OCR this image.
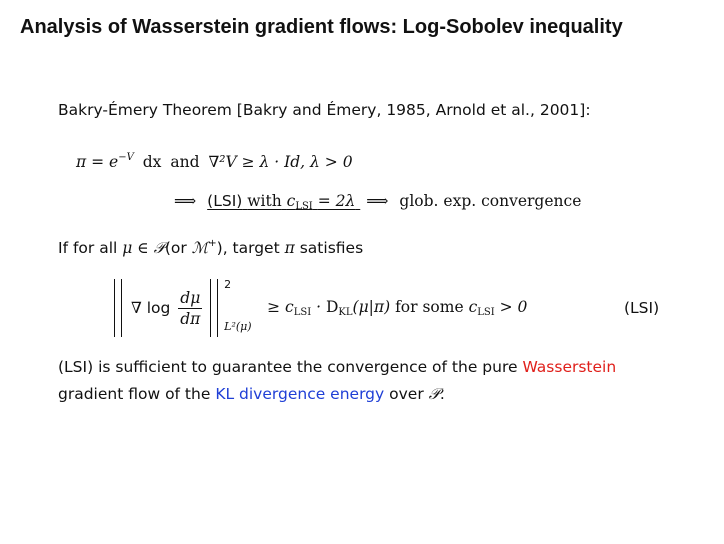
Analysis of Wasserstein gradient flows: Log-Sobolev inequality
Bakry-Émery Theorem [Bakry and Émery, 1985, Arnold et al., 2001]:
$\pi = e^{-V}$ dx and ∇²V ≥ λ · Id, λ > 0
⟹ (LSI) with $c_{LSI} = 2\lambda$ ⟹ glob. exp. convergence
If for all μ ∈ 𝒫(or ℳ+), target π satisfies
∇ $\log \frac{d\mu}{d\pi}$

2
L²(μ)
≥ $c_{LSI} \cdot D_{KL}(\mu|\pi)$ for some $c_{LSI} > 0$	(LSI)
(LSI) is sufficient to guarantee the convergence of the pure Wasserstein
gradient flow of the KL divergence energy over 𝒫.
